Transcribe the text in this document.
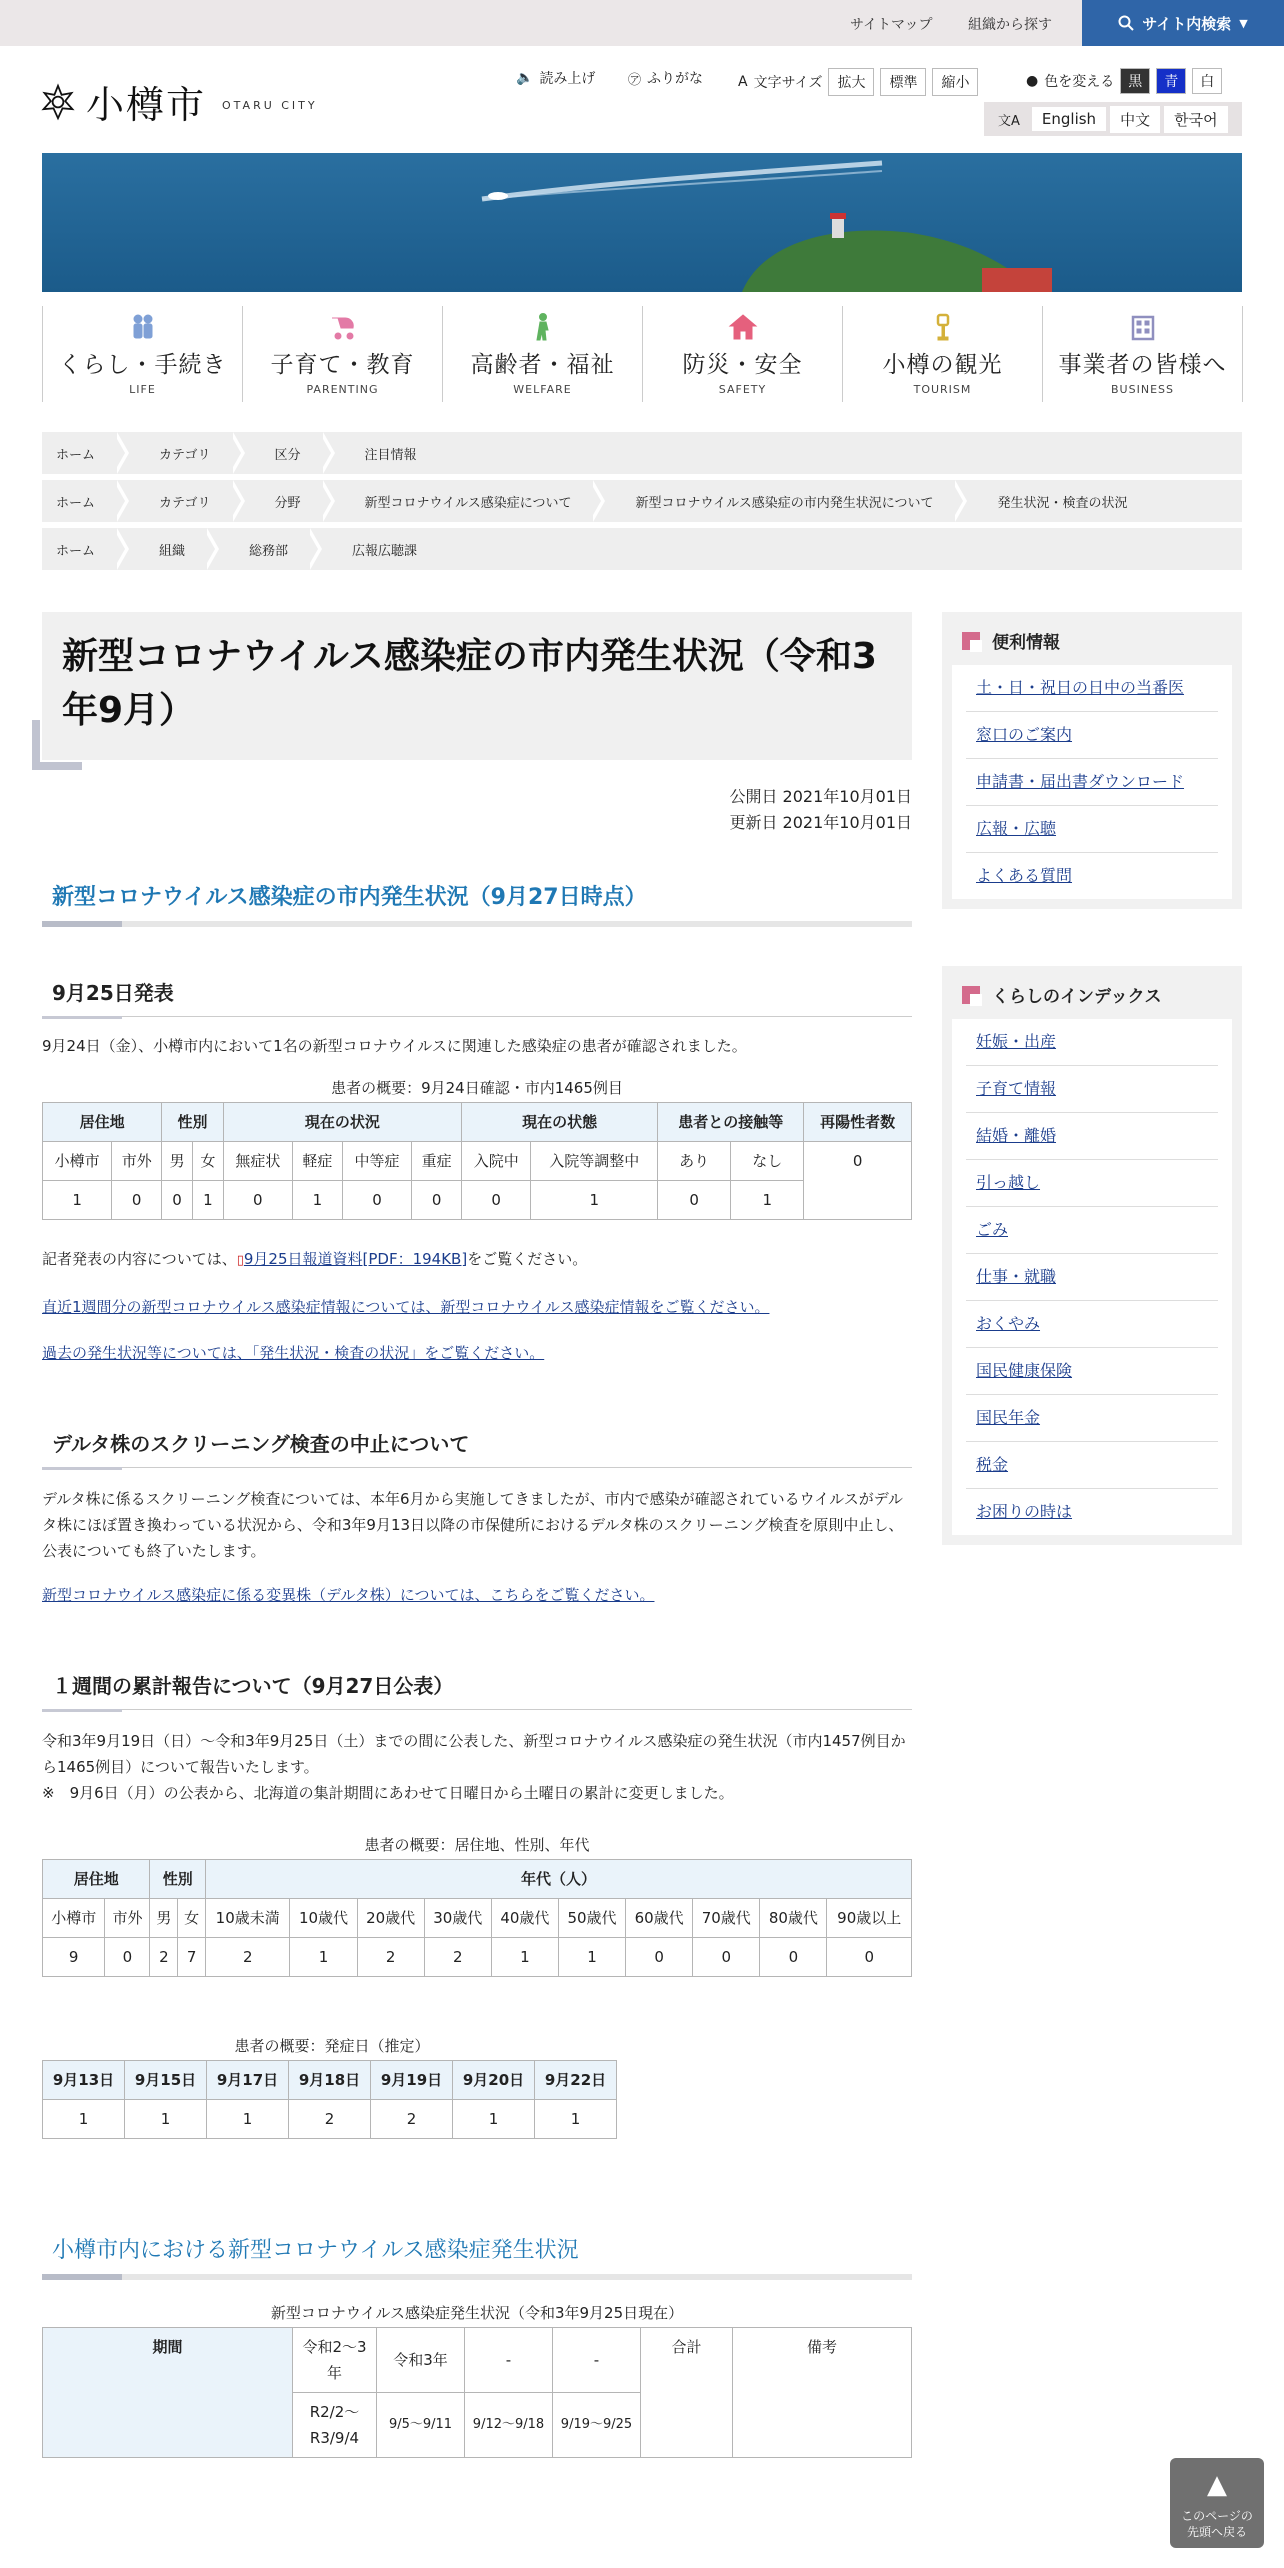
サイトマップ	組織から探す	サイト内検索 ▼
小樽市 OTARU CITY
🔈 読み上げ	㋐ ふりがな A 文字サイズ	拡大	標準	縮小	● 色を変える	黒	青	白
文A	English	中文	한국어
くらし・手続き
LIFE
子育て・教育
PARENTING
高齢者・福祉
WELFARE
防災・安全
SAFETY
小樽の観光
TOURISM
事業者の皆様へ
BUSINESS
ホーム	カテゴリ	区分	注目情報
ホーム	カテゴリ	分野	新型コロナウイルス感染症について	新型コロナウイルス感染症の市内発生状況について	発生状況・検査の状況
ホーム	組織	総務部	広報広聴課
新型コロナウイルス感染症の市内発生状況（令和3年9月）
公開日 2021年10月01日
更新日 2021年10月01日
新型コロナウイルス感染症の市内発生状況（9月27日時点）
9月25日発表

9月24日（金）、小樽市内において1名の新型コロナウイルスに関連した感染症の患者が確認されました。

患者の概要：9月24日確認・市内1465例目
居住地		性別		現在の状況				現在の状態		患者との接触等		再陽性者数
小樽市	市外	男	女	無症状	軽症	中等症	重症	入院中	入院等調整中	あり	なし	0
1	0	0	1	0	1	0	0	0	1	0	1	

記者発表の内容については、▯9月25日報道資料[PDF：194KB]をご覧ください。

直近1週間分の新型コロナウイルス感染症情報については、新型コロナウイルス感染症情報をご覧ください。

過去の発生状況等については、「発生状況・検査の状況」をご覧ください。

デルタ株のスクリーニング検査の中止について

デルタ株に係るスクリーニング検査については、本年6月から実施してきましたが、市内で感染が確認されているウイルスがデルタ株にほぼ置き換わっている状況から、令和3年9月13日以降の市保健所におけるデルタ株のスクリーニング検査を原則中止し、公表についても終了いたします。

新型コロナウイルス感染症に係る変異株（デルタ株）については、こちらをご覧ください。

１週間の累計報告について（9月27日公表）

令和3年9月19日（日）～令和3年9月25日（土）までの間に公表した、新型コロナウイルス感染症の発生状況（市内1457例目から1465例目）について報告いたします。

※　9月6日（月）の公表から、北海道の集計期間にあわせて日曜日から土曜日の累計に変更しました。

患者の概要：居住地、性別、年代
居住地		性別		年代（人）									
小樽市	市外	男	女	10歳未満	10歳代	20歳代	30歳代	40歳代	50歳代	60歳代	70歳代	80歳代	90歳以上
9	0	2	7	2	1	2	2	1	1	0	0	0	0
患者の概要：発症日（推定）
9月13日	9月15日	9月17日	9月18日	9月19日	9月20日	9月22日
1	1	1	2	2	1	1
小樽市内における新型コロナウイルス感染症発生状況
新型コロナウイルス感染症発生状況（令和3年9月25日現在）
期間	令和2～3年	令和3年	-	-	合計	備考
	R2/2～R3/9/4	9/5～9/11	9/12～9/18	9/19～9/25		
便利情報
土・日・祝日の日中の当番医
窓口のご案内
申請書・届出書ダウンロード
広報・広聴
よくある質問
くらしのインデックス
妊娠・出産
子育て情報
結婚・離婚
引っ越し
ごみ
仕事・就職
おくやみ
国民健康保険
国民年金
税金
お困りの時は
▲
このページの
先頭へ戻る
